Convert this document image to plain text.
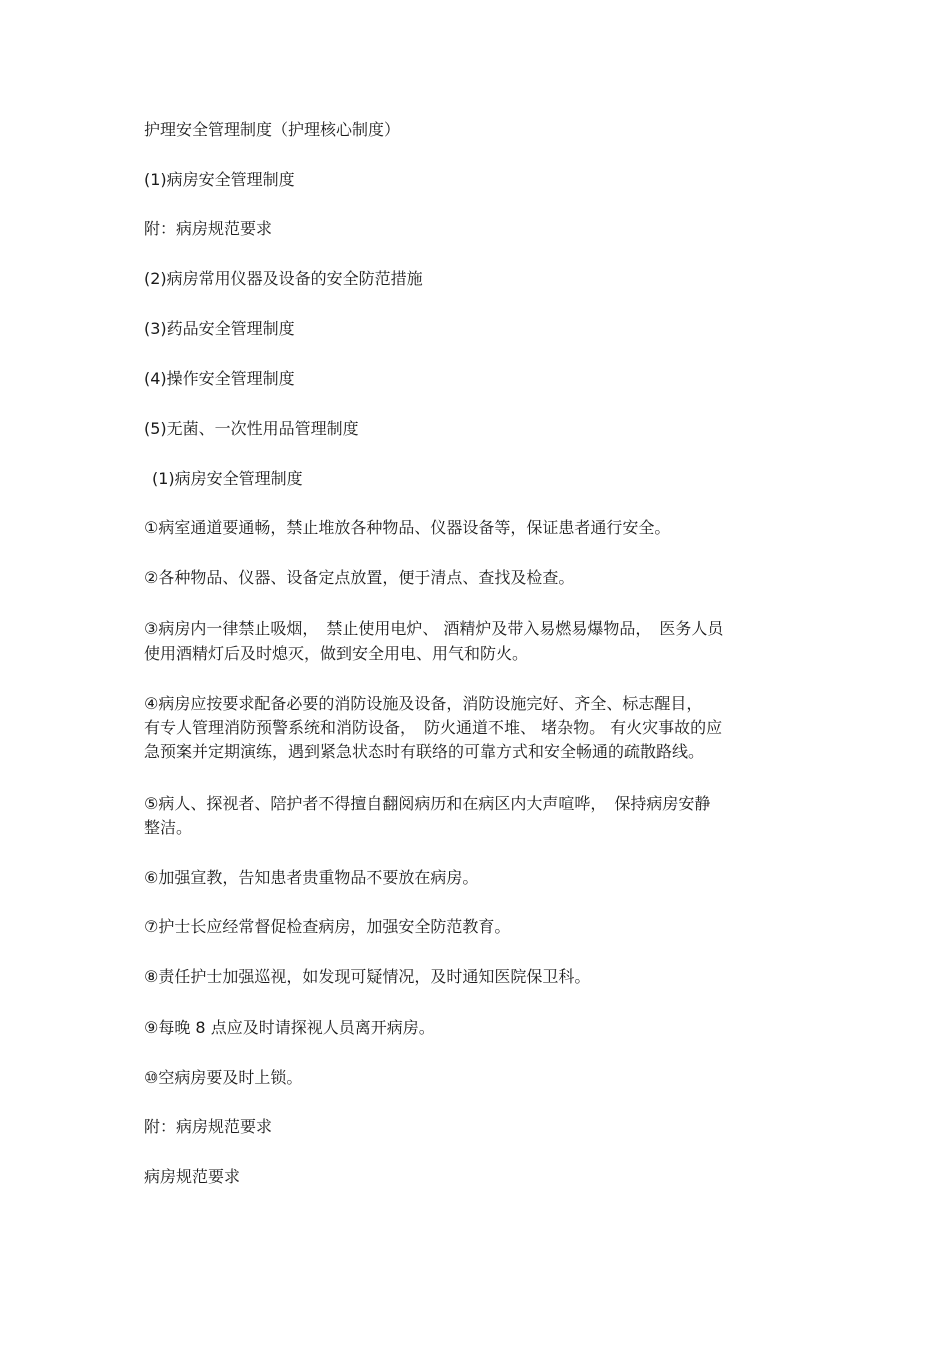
护理安全管理制度（护理核心制度）

(1)病房安全管理制度

附：病房规范要求

(2)病房常用仪器及设备的安全防范措施

(3)药品安全管理制度

(4)操作安全管理制度

(5)无菌、一次性用品管理制度

(1)病房安全管理制度

①病室通道要通畅，禁止堆放各种物品、仪器设备等，保证患者通行安全。

②各种物品、仪器、设备定点放置，便于清点、查找及检查。

③病房内一律禁止吸烟，　禁止使用电炉、 酒精炉及带入易燃易爆物品，　医务人员

使用酒精灯后及时熄灭，做到安全用电、用气和防火。

④病房应按要求配备必要的消防设施及设备，消防设施完好、齐全、标志醒目，

有专人管理消防预警系统和消防设备，　防火通道不堆、 堵杂物。 有火灾事故的应

急预案并定期演练，遇到紧急状态时有联络的可靠方式和安全畅通的疏散路线。

⑤病人、探视者、陪护者不得擅自翻阅病历和在病区内大声喧哗，　保持病房安静

整洁。

⑥加强宣教，告知患者贵重物品不要放在病房。

⑦护士长应经常督促检查病房，加强安全防范教育。

⑧责任护士加强巡视，如发现可疑情况，及时通知医院保卫科。

⑨每晚 8 点应及时请探视人员离开病房。

⑩空病房要及时上锁。

附：病房规范要求

病房规范要求
